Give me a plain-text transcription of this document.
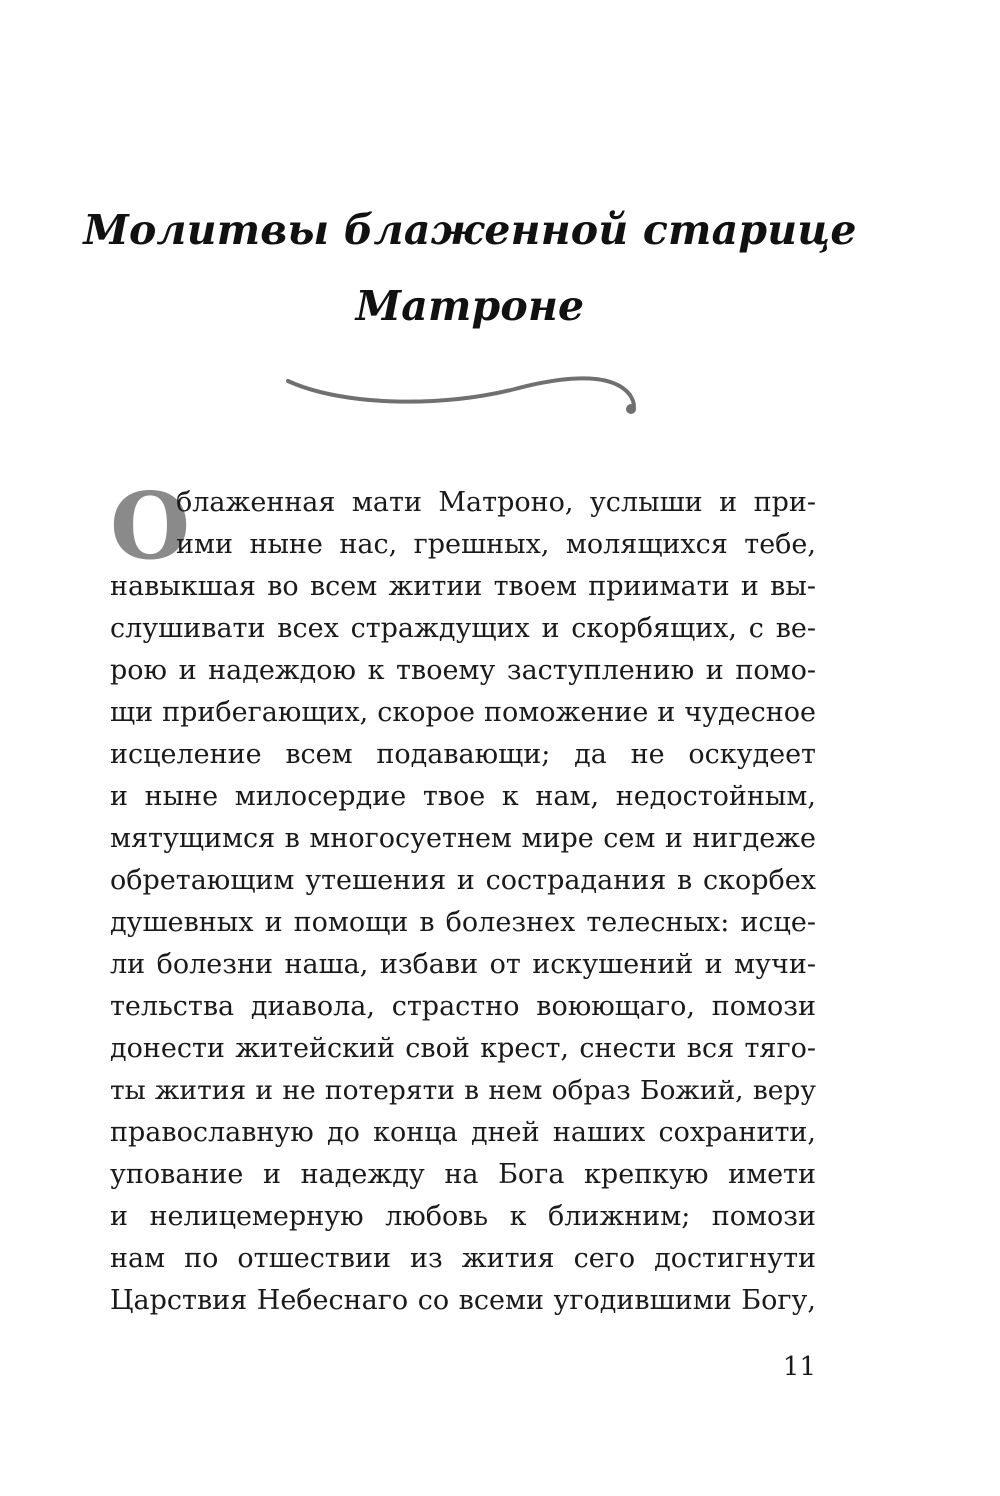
Молитвы блаженной старице
Матроне
О
блаженная мати Матроно, услыши и при-
ими ныне нас, грешных, молящихся тебе,
навыкшая во всем житии твоем приимати и вы-
слушивати всех страждущих и скорбящих, с ве-
рою и надеждою к твоему заступлению и помо-
щи прибегающих, скорое поможение и чудесное
исцеление всем подавающи; да не оскудеет
и ныне милосердие твое к нам, недостойным,
мятущимся в многосуетнем мире сем и нигдеже
обретающим утешения и сострадания в скорбех
душевных и помощи в болезнех телесных: исце-
ли болезни наша, избави от искушений и мучи-
тельства диавола, страстно воюющаго, помози
донести житейский свой крест, снести вся тяго-
ты жития и не потеряти в нем образ Божий, веру
православную до конца дней наших сохранити,
упование и надежду на Бога крепкую имети
и нелицемерную любовь к ближним; помози
нам по отшествии из жития сего достигнути
Царствия Небеснаго со всеми угодившими Богу,
11
